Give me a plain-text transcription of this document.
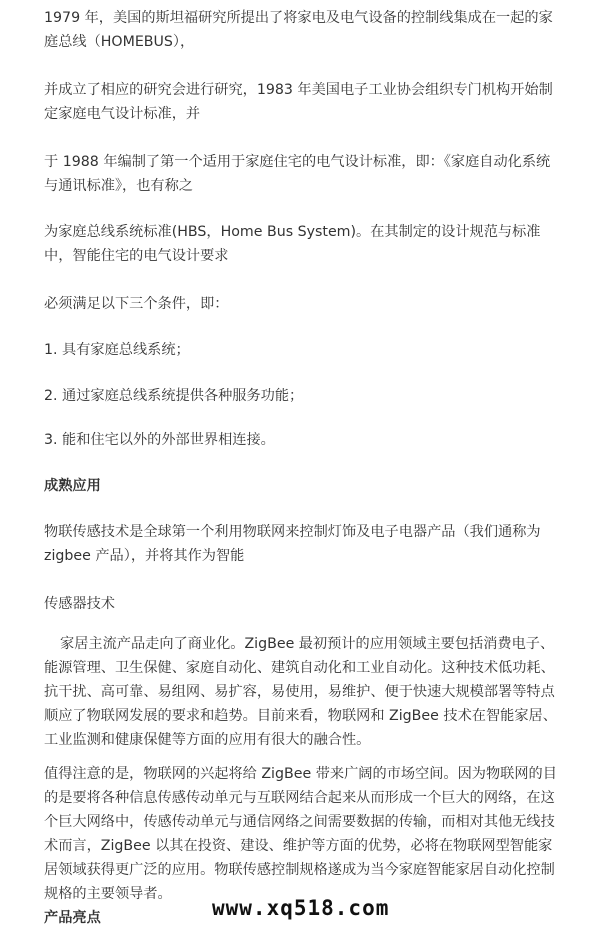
1979 年，美国的斯坦福研究所提出了将家电及电气设备的控制线集成在一起的家庭总线（HOMEBUS），

并成立了相应的研究会进行研究，1983 年美国电子工业协会组织专门机构开始制定家庭电气设计标准，并

于 1988 年编制了第一个适用于家庭住宅的电气设计标准，即：《家庭自动化系统与通讯标准》，也有称之

为家庭总线系统标准(HBS，Home Bus System)。在其制定的设计规范与标准中，智能住宅的电气设计要求

必须满足以下三个条件，即：

1. 具有家庭总线系统；

2. 通过家庭总线系统提供各种服务功能；

3. 能和住宅以外的外部世界相连接。

成熟应用

物联传感技术是全球第一个利用物联网来控制灯饰及电子电器产品（我们通称为zigbee 产品），并将其作为智能

传感器技术

家居主流产品走向了商业化。ZigBee 最初预计的应用领域主要包括消费电子、能源管理、卫生保健、家庭自动化、建筑自动化和工业自动化。这种技术低功耗、抗干扰、高可靠、易组网、易扩容，易使用，易维护、便于快速大规模部署等特点顺应了物联网发展的要求和趋势。目前来看，物联网和 ZigBee 技术在智能家居、工业监测和健康保健等方面的应用有很大的融合性。

值得注意的是，物联网的兴起将给 ZigBee 带来广阔的市场空间。因为物联网的目的是要将各种信息传感传动单元与互联网结合起来从而形成一个巨大的网络，在这个巨大网络中，传感传动单元与通信网络之间需要数据的传输，而相对其他无线技术而言，ZigBee 以其在投资、建设、维护等方面的优势，必将在物联网型智能家居领域获得更广泛的应用。物联传感控制规格遂成为当今家庭智能家居自动化控制规格的主要领导者。

产品亮点	www.xq518.com
